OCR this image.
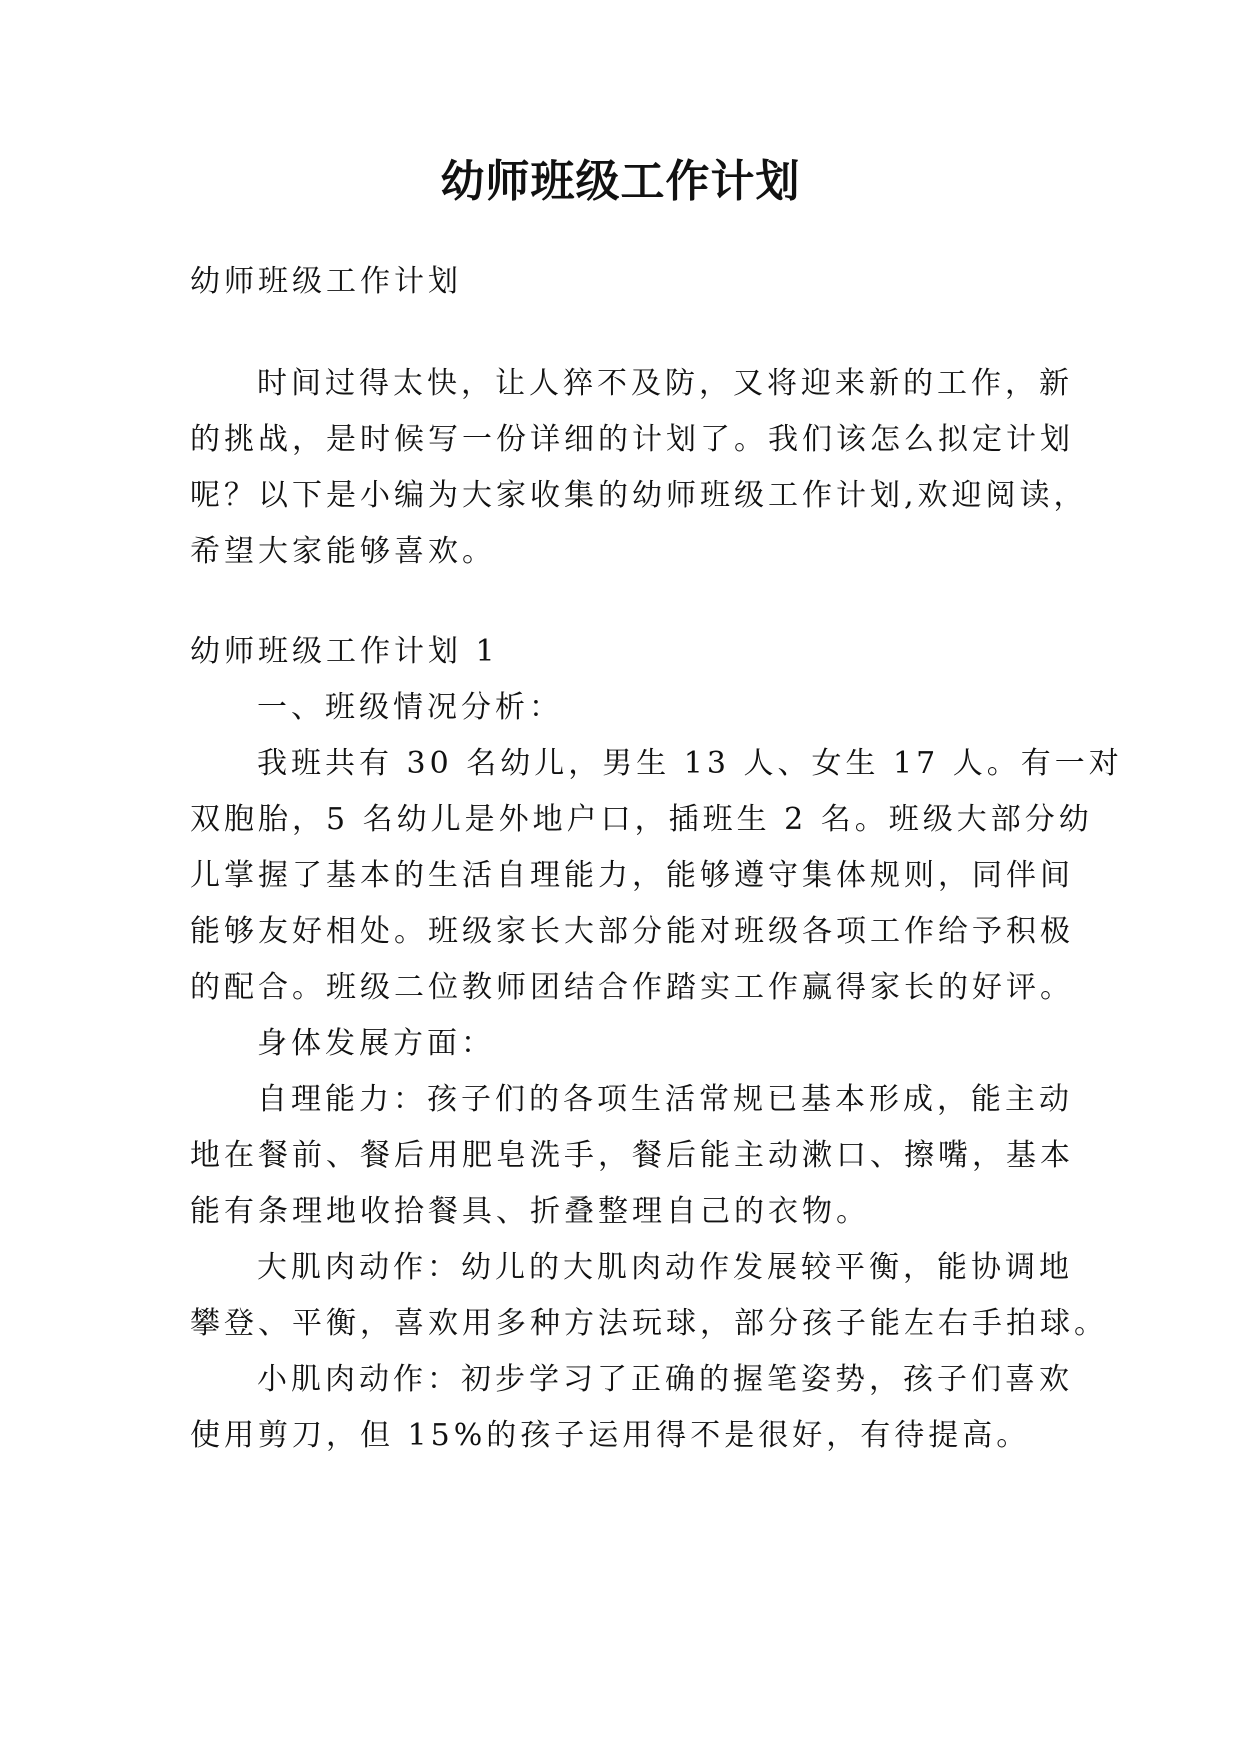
幼师班级工作计划

幼师班级工作计划

时间过得太快，让人猝不及防，又将迎来新的工作，新

的挑战，是时候写一份详细的计划了。我们该怎么拟定计划

呢？以下是小编为大家收集的幼师班级工作计划,欢迎阅读，

希望大家能够喜欢。

幼师班级工作计划 1

一、班级情况分析：

我班共有 30 名幼儿，男生 13 人、女生 17 人。有一对

双胞胎，5 名幼儿是外地户口，插班生 2 名。班级大部分幼

儿掌握了基本的生活自理能力，能够遵守集体规则，同伴间

能够友好相处。班级家长大部分能对班级各项工作给予积极

的配合。班级二位教师团结合作踏实工作赢得家长的好评。

身体发展方面：

自理能力：孩子们的各项生活常规已基本形成，能主动

地在餐前、餐后用肥皂洗手，餐后能主动漱口、擦嘴，基本

能有条理地收拾餐具、折叠整理自己的衣物。

大肌肉动作：幼儿的大肌肉动作发展较平衡，能协调地

攀登、平衡，喜欢用多种方法玩球，部分孩子能左右手拍球。

小肌肉动作：初步学习了正确的握笔姿势，孩子们喜欢

使用剪刀，但 15%的孩子运用得不是很好，有待提高。
